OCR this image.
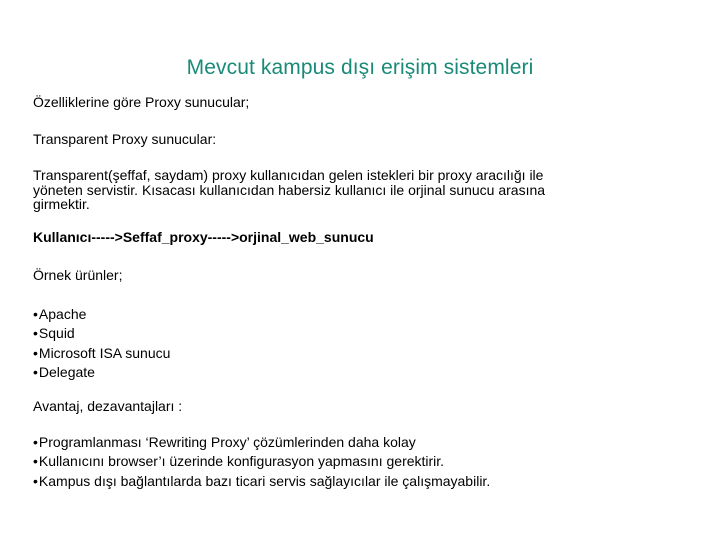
Mevcut kampus dışı erişim sistemleri

Özelliklerine göre Proxy sunucular;

Transparent Proxy sunucular:

Transparent(şeffaf, saydam) proxy kullanıcıdan gelen istekleri bir proxy aracılığı ile
yöneten servistir. Kısacası kullanıcıdan habersiz kullanıcı ile orjinal sunucu arasına
girmektir.

Kullanıcı----->Seffaf_proxy----->orjinal_web_sunucu

Örnek ürünler;

• Apache
• Squid
• Microsoft ISA sunucu
• Delegate

Avantaj, dezavantajları :

• Programlanması ‘Rewriting Proxy’ çözümlerinden daha kolay
• Kullanıcını browser’ı üzerinde konfigurasyon yapmasını gerektirir.
• Kampus dışı bağlantılarda bazı ticari servis sağlayıcılar ile çalışmayabilir.
